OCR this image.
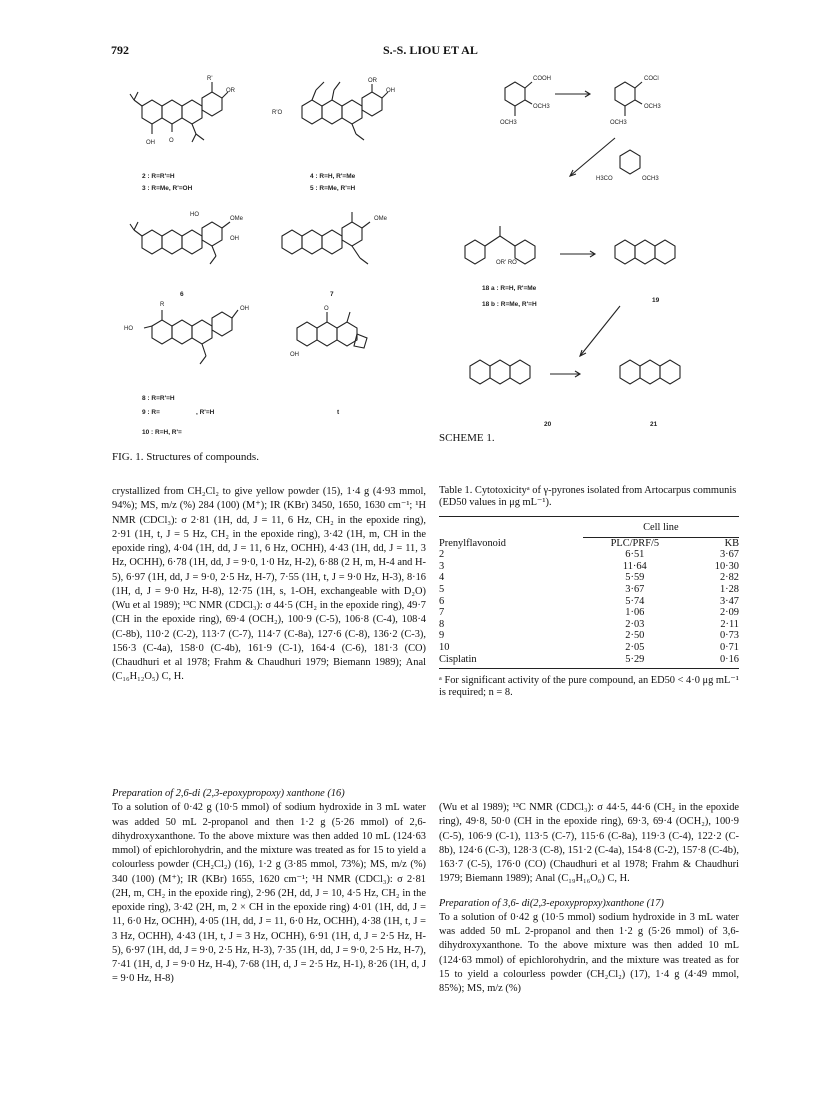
792	S.-S. LIOU ET AL
R'
OR
OH O
2 : R=R'=H
3 : R=Me, R'=OH
R'O
OR
OH
4 : R=H, R'=Me
5 : R=Me, R'=H
HO
OMe
OH
6
OMe
7
HO
R
OH
8 : R=R'=H
9 : R=	, R'=H
10 : R=H, R'=
O
OH
t
FIG. 1. Structures of compounds.
COOH
OCH3
OCH3
COCl
OCH3
OCH3
H3CO	OCH3
OR' RO
18 a : R=H, R'=Me
18 b : R=Me, R'=H
19
20	21
SCHEME 1.

crystallized from CH₂Cl₂ to give yellow powder (15), 1·4 g (4·93 mmol, 94%); MS, m/z (%) 284 (100) (M⁺); IR (KBr) 3450, 1650, 1630 cm⁻¹; ¹H NMR (CDCl₃): σ 2·81 (1H, dd, J = 11, 6 Hz, CH₂ in the epoxide ring), 2·91 (1H, t, J = 5 Hz, CH₂ in the epoxide ring), 3·42 (1H, m, CH in the epoxide ring), 4·04 (1H, dd, J = 11, 6 Hz, OCHH), 4·43 (1H, dd, J = 11, 3 Hz, OCHH), 6·78 (1H, dd, J = 9·0, 1·0 Hz, H-2), 6·88 (2 H, m, H-4 and H-5), 6·97 (1H, dd, J = 9·0, 2·5 Hz, H-7), 7·55 (1H, t, J = 9·0 Hz, H-3), 8·16 (1H, d, J = 9·0 Hz, H-8), 12·75 (1H, s, 1-OH, exchangeable with D₂O) (Wu et al 1989); ¹³C NMR (CDCl₃): σ 44·5 (CH₂ in the epoxide ring), 49·7 (CH in the epoxide ring), 69·4 (OCH₂), 100·9 (C-5), 106·8 (C-4), 108·4 (C-8b), 110·2 (C-2), 113·7 (C-7), 114·7 (C-8a), 127·6 (C-8), 136·2 (C-3), 156·3 (C-4a), 158·0 (C-4b), 161·9 (C-1), 164·4 (C-6), 181·3 (CO) (Chaudhuri et al 1978; Frahm & Chaudhuri 1979; Biemann 1989); Anal (C₁₆H₁₂O₅) C, H.

Preparation of 2,6-di (2,3-epoxypropoxy) xanthone (16)

To a solution of 0·42 g (10·5 mmol) of sodium hydroxide in 3 mL water was added 50 mL 2-propanol and then 1·2 g (5·26 mmol) of 2,6-dihydroxyxanthone. To the above mixture was then added 10 mL (124·63 mmol) of epichlorohydrin, and the mixture was treated as for 15 to yield a colourless powder (CH₂Cl₂) (16), 1·2 g (3·85 mmol, 73%); MS, m/z (%) 340 (100) (M⁺); IR (KBr) 1655, 1620 cm⁻¹; ¹H NMR (CDCl₃): σ 2·81 (2H, m, CH₂ in the epoxide ring), 2·96 (2H, dd, J = 10, 4·5 Hz, CH₂ in the epoxide ring), 3·42 (2H, m, 2 × CH in the epoxide ring) 4·01 (1H, dd, J = 11, 6·0 Hz, OCHH), 4·05 (1H, dd, J = 11, 6·0 Hz, OCHH), 4·38 (1H, t, J = 3 Hz, OCHH), 4·43 (1H, t, J = 3 Hz, OCHH), 6·91 (1H, d, J = 2·5 Hz, H-5), 6·97 (1H, dd, J = 9·0, 2·5 Hz, H-3), 7·35 (1H, dd, J = 9·0, 2·5 Hz, H-7), 7·41 (1H, d, J = 9·0 Hz, H-4), 7·68 (1H, d, J = 2·5 Hz, H-1), 8·26 (1H, d, J = 9·0 Hz, H-8)

Table 1. Cytotoxicityᵃ of γ-pyrones isolated from Artocarpus communis (ED50 values in μg mL⁻¹).
	Cell line	

Prenylflavonoid	PLC/PRF/5	KB
2	6·51	3·67
3	11·64	10·30
4	5·59	2·82
5	3·67	1·28
6	5·74	3·47
7	1·06	2·09
8	2·03	2·11
9	2·50	0·73
10	2·05	0·71
Cisplatin	5·29	0·16
ᵃ For significant activity of the pure compound, an ED50 < 4·0 μg mL⁻¹ is required; n = 8.

(Wu et al 1989); ¹³C NMR (CDCl₃): σ 44·5, 44·6 (CH₂ in the epoxide ring), 49·8, 50·0 (CH in the epoxide ring), 69·3, 69·4 (OCH₂), 100·9 (C-5), 106·9 (C-1), 113·5 (C-7), 115·6 (C-8a), 119·3 (C-4), 122·2 (C-8b), 124·6 (C-3), 128·3 (C-8), 151·2 (C-4a), 154·8 (C-2), 157·8 (C-4b), 163·7 (C-5), 176·0 (CO) (Chaudhuri et al 1978; Frahm & Chaudhuri 1979; Biemann 1989); Anal (C₁₉H₁₆O₆) C, H.

Preparation of 3,6- di(2,3-epoxypropxy)xanthone (17)

To a solution of 0·42 g (10·5 mmol) sodium hydroxide in 3 mL water was added 50 mL 2-propanol and then 1·2 g (5·26 mmol) of 3,6-dihydroxyxanthone. To the above mixture was then added 10 mL (124·63 mmol) of epichlorohydrin, and the mixture was treated as for 15 to yield a colourless powder (CH₂Cl₂) (17), 1·4 g (4·49 mmol, 85%); MS, m/z (%)
